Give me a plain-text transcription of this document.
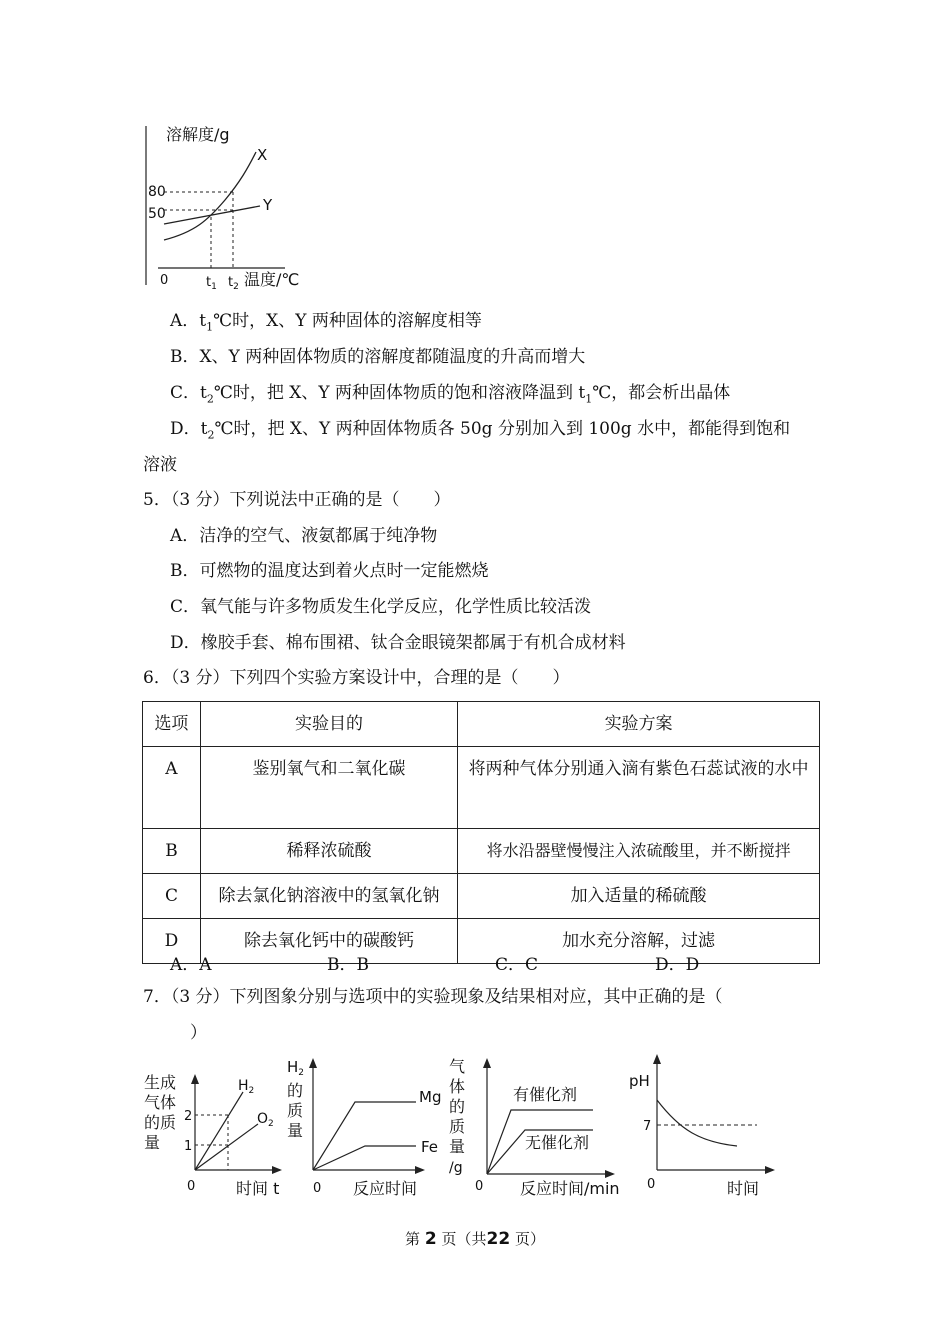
溶解度/g
0
80
50
X
Y
$t_1$ $t_2$ 温度/℃
A．$t_1℃$时，X、Y 两种固体的溶解度相等
B．X、Y 两种固体物质的溶解度都随温度的升高而增大
C．$t_2℃$时，把 X、Y 两种固体物质的饱和溶液降温到 $t_1℃$，都会析出晶体
D．$t_2℃$时，把 X、Y 两种固体物质各 50g 分别加入到 100g 水中，都能得到饱和
溶液
5．（3 分）下列说法中正确的是（　　）
A．洁净的空气、液氨都属于纯净物
B．可燃物的温度达到着火点时一定能燃烧
C．氧气能与许多物质发生化学反应，化学性质比较活泼
D．橡胶手套、棉布围裙、钛合金眼镜架都属于有机合成材料
6．（3 分）下列四个实验方案设计中，合理的是（　　）
选项	实验目的	实验方案
A	鉴别氧气和二氧化碳	将两种气体分别通入滴有紫色石蕊试液的水中
B	稀释浓硫酸	将水沿器壁慢慢注入浓硫酸里，并不断搅拌
C	除去氯化钠溶液中的氢氧化钠	加入适量的稀硫酸
D	除去氧化钙中的碳酸钙	加水充分溶解，过滤
A．A	B．B	C．C	D．D
7．（3 分）下列图象分别与选项中的实验现象及结果相对应，其中正确的是（
）
生成
气体
的质
量
2
1
$H_2$
$O_2$
0	时间 t
$H_2$
的
质
量
Mg
Fe
0 反应时间
气
体
的
质
量
/g
有催化剂
无催化剂
0 反应时间/min
pH
7
0	时间
第 2 页（共22 页）
